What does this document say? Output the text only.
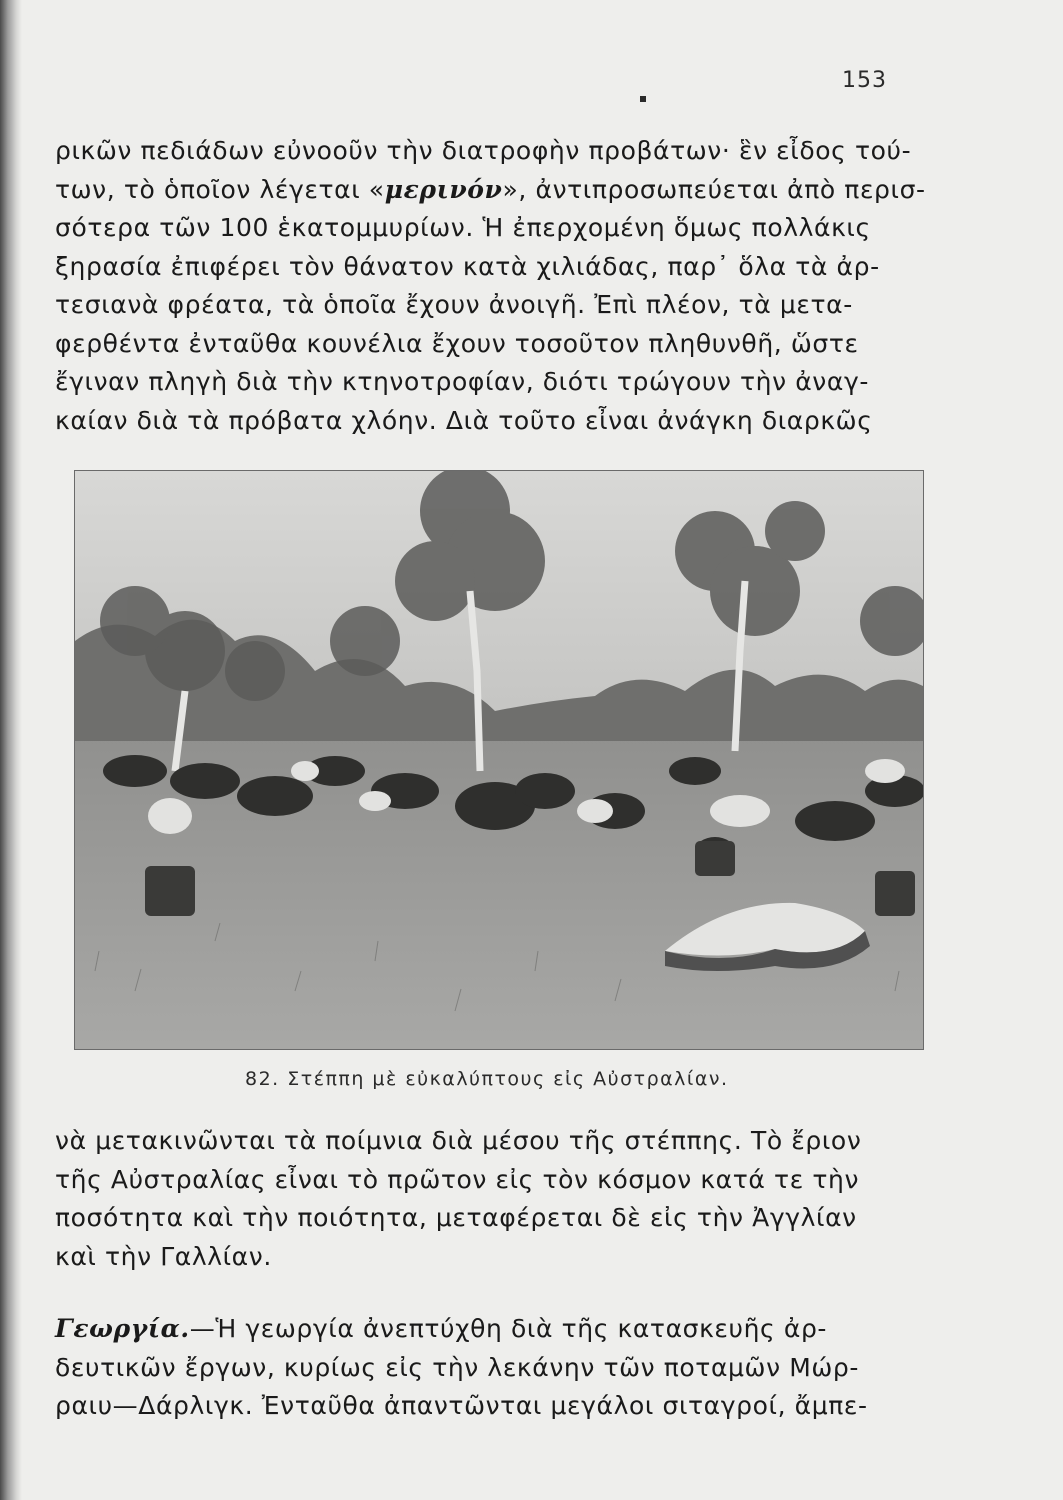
153
ρικῶν πεδιάδων εὐνοοῦν τὴν διατροφὴν προβάτων· ἓν εἶδος τού-
των, τὸ ὁποῖον λέγεται «μερινόν», ἀντιπροσωπεύεται ἀπὸ περισ-
σότερα τῶν 100 ἑκατομμυρίων. Ἡ ἐπερχομένη ὅμως πολλάκις
ξηρασία ἐπιφέρει τὸν θάνατον κατὰ χιλιάδας, παρ᾽ ὅλα τὰ ἀρ-
τεσιανὰ φρέατα, τὰ ὁποῖα ἔχουν ἀνοιγῆ. Ἐπὶ πλέον, τὰ μετα-
φερθέντα ἐνταῦθα κουνέλια ἔχουν τοσοῦτον πληθυνθῆ, ὥστε
ἔγιναν πληγὴ διὰ τὴν κτηνοτροφίαν, διότι τρώγουν τὴν ἀναγ-
καίαν διὰ τὰ πρόβατα χλόην. Διὰ τοῦτο εἶναι ἀνάγκη διαρκῶς
82. Στέππη μὲ εὐκαλύπτους εἰς Αὐστραλίαν.
νὰ μετακινῶνται τὰ ποίμνια διὰ μέσου τῆς στέππης. Τὸ ἔριον
τῆς Αὐστραλίας εἶναι τὸ πρῶτον εἰς τὸν κόσμον κατά τε τὴν
ποσότητα καὶ τὴν ποιότητα, μεταφέρεται δὲ εἰς τὴν Ἀγγλίαν
καὶ τὴν Γαλλίαν.
Γεωργία.—Ἡ γεωργία ἀνεπτύχθη διὰ τῆς κατασκευῆς ἀρ-
δευτικῶν ἔργων, κυρίως εἰς τὴν λεκάνην τῶν ποταμῶν Μώρ-
ραιυ—Δάρλιγκ. Ἐνταῦθα ἀπαντῶνται μεγάλοι σιταγροί, ἄμπε-
